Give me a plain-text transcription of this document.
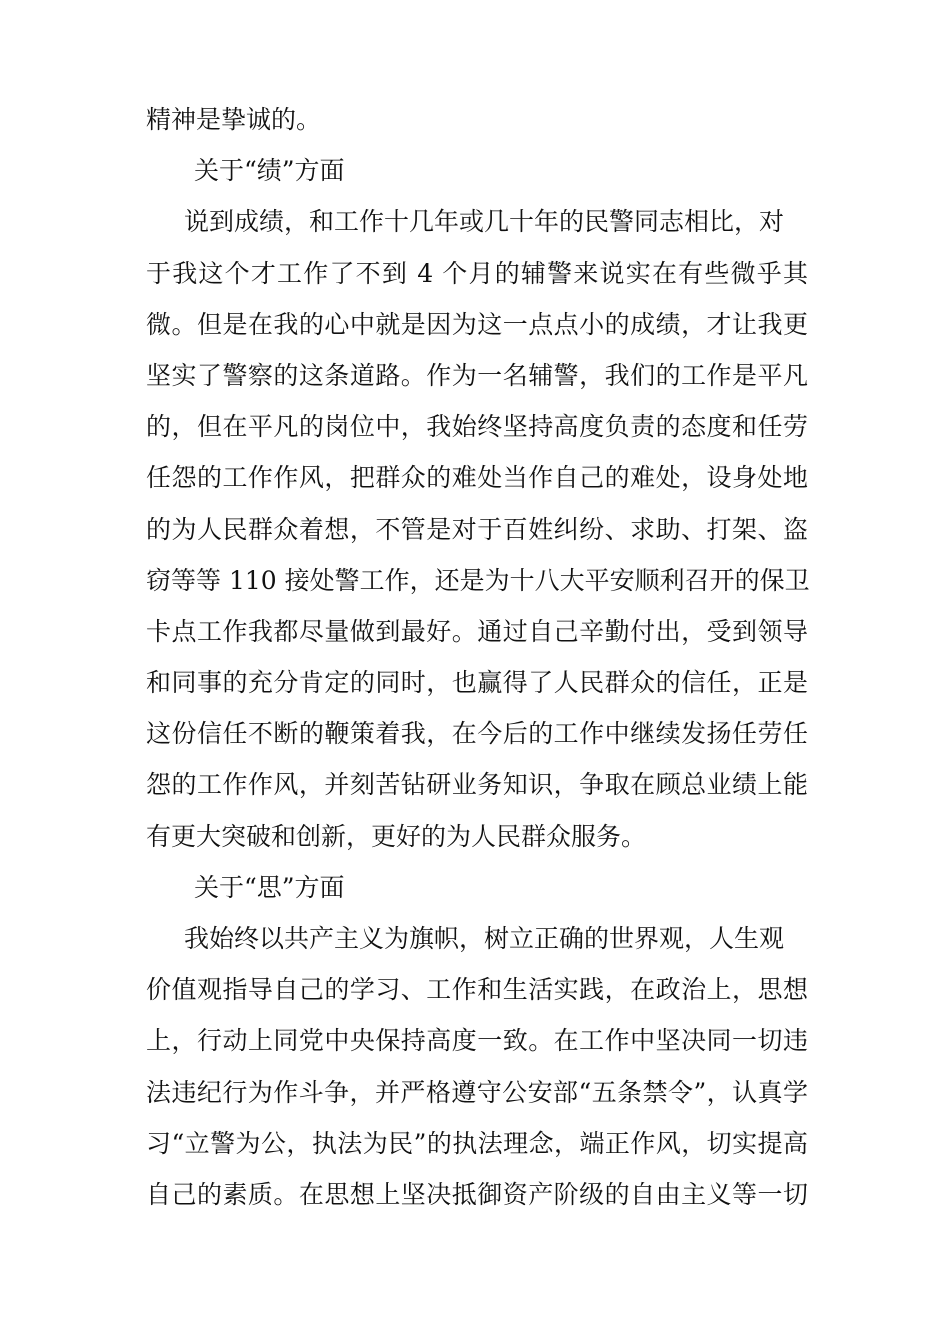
精神是挚诚的。
关于“绩”方面
说到成绩，和工作十几年或几十年的民警同志相比，对
于我这个才工作了不到 4 个月的辅警来说实在有些微乎其
微。但是在我的心中就是因为这一点点小的成绩，才让我更
坚实了警察的这条道路。作为一名辅警，我们的工作是平凡
的，但在平凡的岗位中，我始终坚持高度负责的态度和任劳
任怨的工作作风，把群众的难处当作自己的难处，设身处地
的为人民群众着想，不管是对于百姓纠纷、求助、打架、盗
窃等等 110 接处警工作，还是为十八大平安顺利召开的保卫
卡点工作我都尽量做到最好。通过自己辛勤付出，受到领导
和同事的充分肯定的同时，也赢得了人民群众的信任，正是
这份信任不断的鞭策着我，在今后的工作中继续发扬任劳任
怨的工作作风，并刻苦钻研业务知识，争取在顾总业绩上能
有更大突破和创新，更好的为人民群众服务。
关于“思”方面
我始终以共产主义为旗帜，树立正确的世界观，人生观
价值观指导自己的学习、工作和生活实践，在政治上，思想
上，行动上同党中央保持高度一致。在工作中坚决同一切违
法违纪行为作斗争，并严格遵守公安部“五条禁令”，认真学
习“立警为公，执法为民”的执法理念，端正作风，切实提高
自己的素质。在思想上坚决抵御资产阶级的自由主义等一切
